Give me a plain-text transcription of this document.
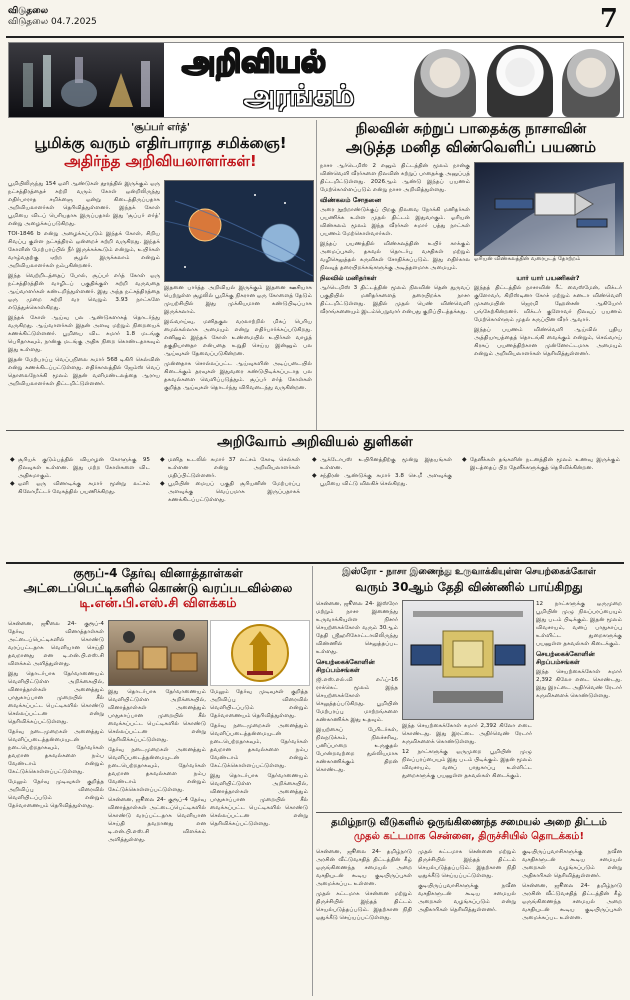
விடுதலை
விடுதலை 04.7.2025	7
அறிவியல்
அரங்கம்
'சூப்பர் எர்த்'
பூமிக்கு வரும் எதிர்பாராத சமிக்ஞை!
அதிர்ந்த அறிவியலாளர்கள்!

பூமியிலிருந்து 154 ஒளி ஆண்டுகள் தூரத்தில் இருக்கும் ஒரு நட்சத்திரத்தைச் சுற்றி வரும் கோள் ஒன்றிலிருந்து எதிர்பாராத சமிக்ஞை ஒன்று கிடைத்திருப்பதாக அறிவியலாளர்கள் தெரிவித்துள்ளனர். இந்தக் கோள் பூமியை விடப் பெரியதாக இருப்பதால் இது 'சூப்பர் எர்த்' என்று அழைக்கப்படுகிறது.

TOI-1846 b என்று அழைக்கப்படும் இந்தக் கோள், சிறிய சிவப்பு குள்ள நட்சத்திரம் ஒன்றைச் சுற்றி வருகிறது. இந்தக் கோளின் மேற்பரப்பில் நீர் இருக்கக்கூடும் என்றும், உயிர்கள் வாழ்வதற்கு ஏற்ற சூழல் இருக்கலாம் என்றும் அறிவியலாளர்கள் நம்புகின்றனர்.

இந்த வெற்றிடத்தைப் போல், சூப்பர் எர்த் கோள் ஒரு நட்சத்திரத்தின் வாழிடப் பகுதிக்குள் சுற்றி வருவதை ஆய்வாளர்கள் கண்டறிந்துள்ளனர். இது அந்த நட்சத்திரத்தை ஒரு முறை சுற்றி வர வெறும் 3.93 நாட்களே எடுத்துக்கொள்கிறது.

இந்தக் கோள் ஆய்வு பல ஆண்டுகளாகத் தொடர்ந்து வருகிறது. ஆய்வாளர்கள் இதன் அளவு மற்றும் நிறையைக் கணக்கிட்டுள்ளனர். பூமியை விட சுமார் 1.8 மடங்கு பெரிதாகவும், நான்கு மடங்கு அதிக நிறை கொண்டதாகவும் இது உள்ளது.

இதன் மேற்பரப்பு வெப்பநிலை சுமார் 568 டிகிரி கெல்வின் என்று கணக்கிடப்பட்டுள்ளது. எதிர்காலத்தில் ஜேம்ஸ் வெப் தொலைநோக்கி மூலம் இதன் வளிமண்டலத்தை ஆராய அறிவியலாளர்கள் திட்டமிட்டுள்ளனர்.

இதனை பார்த்த அறிவியல் இருக்கும் இதனை ஊசியாக பெற்றுள்ள சூழலில் பூமிக்கு நிகரான ஒரு கோளைத் தேடும் முயற்சியில் இது முக்கியமான கண்டுபிடிப்பாக இருக்கலாம்.

இவ்வாய்வு, மனிதகுல வரலாற்றில் மிகப் பெரிய மைல்கல்லாக அமையும் என்று எதிர்பார்க்கப்படுகிறது. எனினும் இந்தக் கோள் உண்மையில் உயிர்கள் வாழத் தகுதியானதா என்பதை உறுதி செய்ய இன்னும் பல ஆய்வுகள் தேவைப்படுகின்றன.

முன்னதாக சொல்லப்பட்ட ஆய்வுகளின் அடிப்படையில் கிடைக்கும் தரவுகள் இதுவரை கண்டுபிடிக்கப்படாத பல தகவல்களை வெளிப்படுத்தும். சூப்பர் எர்த் கோள்கள் குறித்த ஆய்வுகள் தொடர்ந்து விரிவடைந்து வருகின்றன.

நிலவின் சுற்றுப் பாதைக்கு நாசாவின்
அடுத்த மனித விண்வெளிப் பயணம்

நாசா ஆர்டெமிஸ் 2 எனும் திட்டத்தின் மூலம் நான்கு விண்வெளி வீரர்களை நிலவின் சுற்றுப் பாதைக்கு அனுப்பத் திட்டமிட்டுள்ளது. 2026ஆம் ஆண்டு இந்தப் பயணம் மேற்கொள்ளப்படும் என்று நாசா அறிவித்துள்ளது.

விண்கலம் சோதனை

அரை நூற்றாண்டுக்குப் பிறகு நிலவை நோக்கி மனிதர்கள் பயணிக்க உள்ள முதல் திட்டம் இதுவாகும். ஓரியன் விண்கலம் மூலம் இந்த வீரர்கள் சுமார் பத்து நாட்கள் பயணம் மேற்கொள்வார்கள்.

இந்தப் பயணத்தில் விண்கலத்தின் உயிர் காக்கும் அமைப்புகள், தகவல் தொடர்பு வசதிகள் மற்றும் வழிசெலுத்தல் கருவிகள் சோதிக்கப்படும். இது எதிர்கால நிலவுத் தரையிறக்கங்களுக்கு அடித்தளமாக அமையும்.

நிலவில் மனிதர்கள்

ஆர்டெமிஸ் 3 திட்டத்தின் மூலம் நிலவின் தென் துருவப் பகுதியில் மனிதர்களைத் தரையிறக்க நாசா திட்டமிட்டுள்ளது. இதில் முதல் பெண் விண்வெளி வீராங்கனையும் இடம்பெறுவார் என்பது குறிப்பிடத்தக்கது.

ஓரியன் விண்கலத்தின் வரைபடத் தோற்றம்
யார் யார் பயணிகள்?

இந்தத் திட்டத்தில் நாசாவின் ரீட் வைஸ்மேன், விக்டர் குளோவர், கிறிஸ்டினா கோச் மற்றும் கனடா விண்வெளி முகமையின் ஜெரமி ஹேன்சன் ஆகியோர் பங்கேற்கின்றனர். விக்டர் குளோவர் நிலவுப் பயணம் மேற்கொள்ளும் முதல் கருப்பின வீரர் ஆவார்.

இந்தப் பயணம் விண்வெளி ஆய்வில் புதிய அத்தியாயத்தைத் தொடங்கி வைக்கும் என்றும், செவ்வாய் கிரகப் பயணத்திற்கான முன்னோட்டமாக அமையும் என்றும் அறிவியலாளர்கள் தெரிவித்துள்ளனர்.

அறிவோம் அறிவியல் துளிகள்
◆ சூரியக் குடும்பத்தில் வியாழன் கோளுக்கு 95 நிலவுகள் உள்ளன. இது மற்ற கோள்களை விட அதிகமாகும்.
◆ ஒளி ஒரு வினாடிக்கு சுமார் மூன்று லட்சம் கிலோமீட்டர் வேகத்தில் பயணிக்கிறது.
◆ மனித உடலில் சுமார் 37 லட்சம் கோடி செல்கள் உள்ளன என்று அறிவியலாளர்கள் மதிப்பிட்டுள்ளனர்.
◆ பூமியின் மையப் பகுதி சூரியனின் மேற்பரப்பு அளவுக்கு வெப்பமாக இருப்பதாகக் கணக்கிடப்பட்டுள்ளது.
◆ ஆக்டோபஸ் உயிரினத்திற்கு மூன்று இதயங்கள் உள்ளன.
◆ சந்திரன் ஆண்டுக்கு சுமார் 3.8 செ.மீ அளவுக்கு பூமியை விட்டு விலகிச் செல்கிறது.
◆ தேனீக்கள் தங்களின் நடனத்தின் மூலம் உணவு இருக்கும் இடத்தைப் பிற தேனீக்களுக்குத் தெரிவிக்கின்றன.
குரூப்-4 தேர்வு வினாத்தாள்கள்
அட்டைப்பெட்டிகளில் கொண்டு வரப்படவில்லை
டி.என்.பி.எஸ்.சி விளக்கம்

சென்னை, ஜூலை 24- குரூப்-4 தேர்வு வினாத்தாள்கள் அட்டைப்பெட்டிகளில் கொண்டு வரப்பட்டதாக வெளியான செய்தி தவறானது என டி.என்.பி.எஸ்.சி விளக்கம் அளித்துள்ளது.

இது தொடர்பாக தேர்வாணையம் வெளியிட்டுள்ள அறிக்கையில், வினாத்தாள்கள் அனைத்தும் பாதுகாப்பான முறையில் சீல் வைக்கப்பட்ட பெட்டிகளில் கொண்டு செல்லப்பட்டன என்று தெரிவிக்கப்பட்டுள்ளது.

தேர்வு நடைமுறைகள் அனைத்தும் வெளிப்படைத்தன்மையுடன் நடைபெற்றதாகவும், தேர்வர்கள் தவறான தகவல்களை நம்ப வேண்டாம் என்றும் கேட்டுக்கொள்ளப்பட்டுள்ளது.

மேலும் தேர்வு முடிவுகள் குறித்த அறிவிப்பு விரைவில் வெளியிடப்படும் என்றும் தேர்வாணையம் தெரிவித்துள்ளது.

இது தொடர்பாக தேர்வாணையம் வெளியிட்டுள்ள அறிக்கையில், வினாத்தாள்கள் அனைத்தும் பாதுகாப்பான முறையில் சீல் வைக்கப்பட்ட பெட்டிகளில் கொண்டு செல்லப்பட்டன என்று தெரிவிக்கப்பட்டுள்ளது.

தேர்வு நடைமுறைகள் அனைத்தும் வெளிப்படைத்தன்மையுடன் நடைபெற்றதாகவும், தேர்வர்கள் தவறான தகவல்களை நம்ப வேண்டாம் என்றும் கேட்டுக்கொள்ளப்பட்டுள்ளது.

சென்னை, ஜூலை 24- குரூப்-4 தேர்வு வினாத்தாள்கள் அட்டைப்பெட்டிகளில் கொண்டு வரப்பட்டதாக வெளியான செய்தி தவறானது என டி.என்.பி.எஸ்.சி விளக்கம் அளித்துள்ளது.

மேலும் தேர்வு முடிவுகள் குறித்த அறிவிப்பு விரைவில் வெளியிடப்படும் என்றும் தேர்வாணையம் தெரிவித்துள்ளது.

தேர்வு நடைமுறைகள் அனைத்தும் வெளிப்படைத்தன்மையுடன் நடைபெற்றதாகவும், தேர்வர்கள் தவறான தகவல்களை நம்ப வேண்டாம் என்றும் கேட்டுக்கொள்ளப்பட்டுள்ளது.

இது தொடர்பாக தேர்வாணையம் வெளியிட்டுள்ள அறிக்கையில், வினாத்தாள்கள் அனைத்தும் பாதுகாப்பான முறையில் சீல் வைக்கப்பட்ட பெட்டிகளில் கொண்டு செல்லப்பட்டன என்று தெரிவிக்கப்பட்டுள்ளது.

இஸ்ரோ - நாசா இணைந்து உருவாக்கியுள்ள செயற்கைக்கோள்
வரும் 30ஆம் தேதி விண்ணில் பாய்கிறது

சென்னை, ஜூலை 24- இஸ்ரோ மற்றும் நாசா இணைந்து உருவாக்கியுள்ள நிசார் செயற்கைக்கோள் வரும் 30ஆம் தேதி ஸ்ரீஹரிகோட்டாவிலிருந்து விண்ணில் செலுத்தப்பட உள்ளது.

செயற்கைக்கோளின் சிறப்பம்சங்கள்

ஜி.எஸ்.எல்.வி எஃப்-16 ராக்கெட் மூலம் இந்த செயற்கைக்கோள் செலுத்தப்படுகிறது. பூமியின் மேற்பரப்பு மாற்றங்களை கண்காணிக்க இது உதவும்.

இயற்கைப் பேரிடர்கள், நிலநடுக்கம், நிலச்சரிவு, பனிப்பாறை உருகுதல் போன்றவற்றை துல்லியமாக கண்காணிக்கும் திறன் கொண்டது.

இந்த செயற்கைக்கோள் சுமார் 2,392 கிலோ எடை கொண்டது. இது இரட்டை அதிர்வெண் ரேடார் கருவிகளைக் கொண்டுள்ளது.

12 நாட்களுக்கு ஒருமுறை பூமியின் முழு நிலப்பரப்பையும் இது படம் பிடிக்கும். இதன் மூலம் விவசாயம், வனப் பாதுகாப்பு உள்ளிட்ட துறைகளுக்கு பயனுள்ள தகவல்கள் கிடைக்கும்.

12 நாட்களுக்கு ஒருமுறை பூமியின் முழு நிலப்பரப்பையும் இது படம் பிடிக்கும். இதன் மூலம் விவசாயம், வனப் பாதுகாப்பு உள்ளிட்ட துறைகளுக்கு பயனுள்ள தகவல்கள் கிடைக்கும்.

செயற்கைக்கோளின் சிறப்பம்சங்கள்

இந்த செயற்கைக்கோள் சுமார் 2,392 கிலோ எடை கொண்டது. இது இரட்டை அதிர்வெண் ரேடார் கருவிகளைக் கொண்டுள்ளது.

தமிழ்நாடு வீடுகளில் ஒருங்கிணைந்த சமையல் அறை திட்டம்
முதல் கட்டமாக சென்னை, திருச்சியில் தொடக்கம்!

சென்னை, ஜூலை 24- தமிழ்நாடு அரசின் வீட்டுவசதித் திட்டத்தின் கீழ் ஒருங்கிணைந்த சமையல் அறை வசதியுடன் கூடிய குடியிருப்புகள் அமைக்கப்பட உள்ளன.

முதல் கட்டமாக சென்னை மற்றும் திருச்சியில் இந்தத் திட்டம் செயல்படுத்தப்படும். இதற்கான நிதி ஒதுக்கீடு செய்யப்பட்டுள்ளது.

முதல் கட்டமாக சென்னை மற்றும் திருச்சியில் இந்தத் திட்டம் செயல்படுத்தப்படும். இதற்கான நிதி ஒதுக்கீடு செய்யப்பட்டுள்ளது.

குடியிருப்புவாசிகளுக்கு நவீன வசதிகளுடன் கூடிய சமையல் அறைகள் வழங்கப்படும் என்று அதிகாரிகள் தெரிவித்துள்ளனர்.

குடியிருப்புவாசிகளுக்கு நவீன வசதிகளுடன் கூடிய சமையல் அறைகள் வழங்கப்படும் என்று அதிகாரிகள் தெரிவித்துள்ளனர்.

சென்னை, ஜூலை 24- தமிழ்நாடு அரசின் வீட்டுவசதித் திட்டத்தின் கீழ் ஒருங்கிணைந்த சமையல் அறை வசதியுடன் கூடிய குடியிருப்புகள் அமைக்கப்பட உள்ளன.
